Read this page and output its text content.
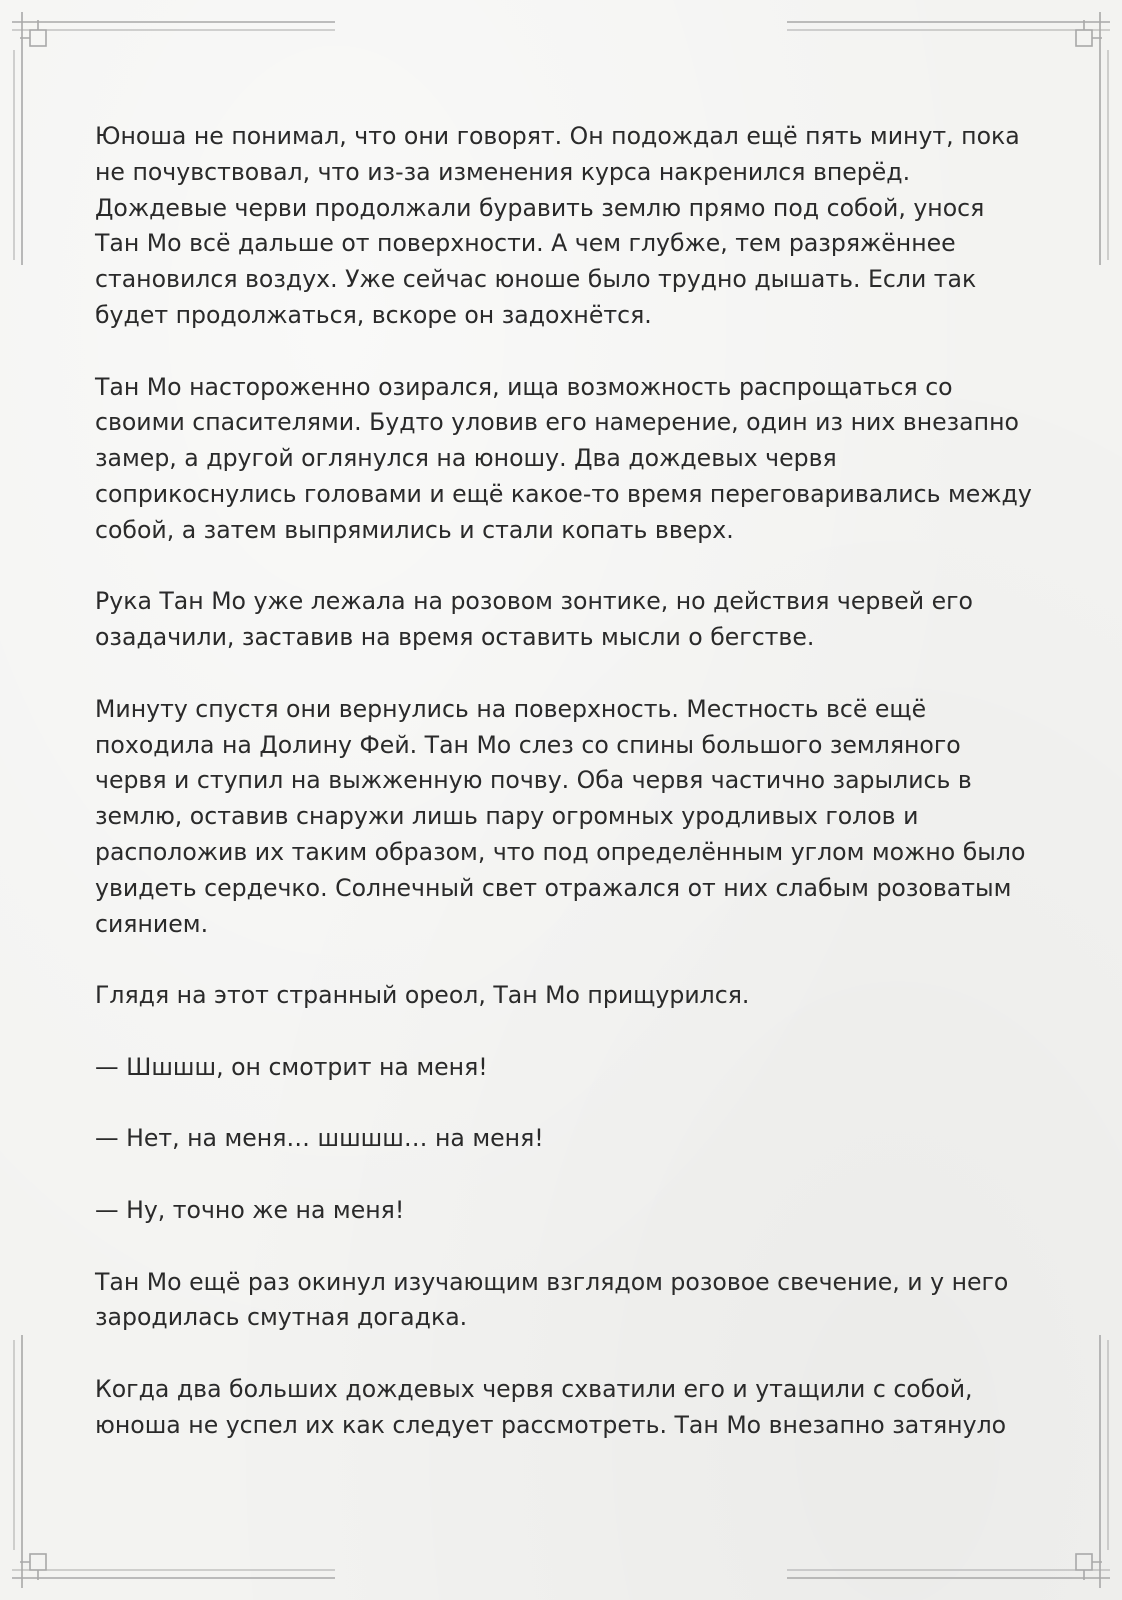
Юноша не понимал, что они говорят. Он подождал ещё пять минут, пока
не почувствовал, что из-за изменения курса накренился вперёд.
Дождевые черви продолжали буравить землю прямо под собой, унося
Тан Мо всё дальше от поверхности. А чем глубже, тем разряжённее
становился воздух. Уже сейчас юноше было трудно дышать. Если так
будет продолжаться, вскоре он задохнётся.

Тан Мо настороженно озирался, ища возможность распрощаться со
своими спасителями. Будто уловив его намерение, один из них внезапно
замер, а другой оглянулся на юношу. Два дождевых червя
соприкоснулись головами и ещё какое-то время переговаривались между
собой, а затем выпрямились и стали копать вверх.

Рука Тан Мо уже лежала на розовом зонтике, но действия червей его
озадачили, заставив на время оставить мысли о бегстве.

Минуту спустя они вернулись на поверхность. Местность всё ещё
походила на Долину Фей. Тан Мо слез со спины большого земляного
червя и ступил на выжженную почву. Оба червя частично зарылись в
землю, оставив снаружи лишь пару огромных уродливых голов и
расположив их таким образом, что под определённым углом можно было
увидеть сердечко. Солнечный свет отражался от них слабым розоватым
сиянием.

Глядя на этот странный ореол, Тан Мо прищурился.

— Шшшш, он смотрит на меня!

— Нет, на меня… шшшш… на меня!

— Ну, точно же на меня!

Тан Мо ещё раз окинул изучающим взглядом розовое свечение, и у него
зародилась смутная догадка.

Когда два больших дождевых червя схватили его и утащили с собой,
юноша не успел их как следует рассмотреть. Тан Мо внезапно затянуло
